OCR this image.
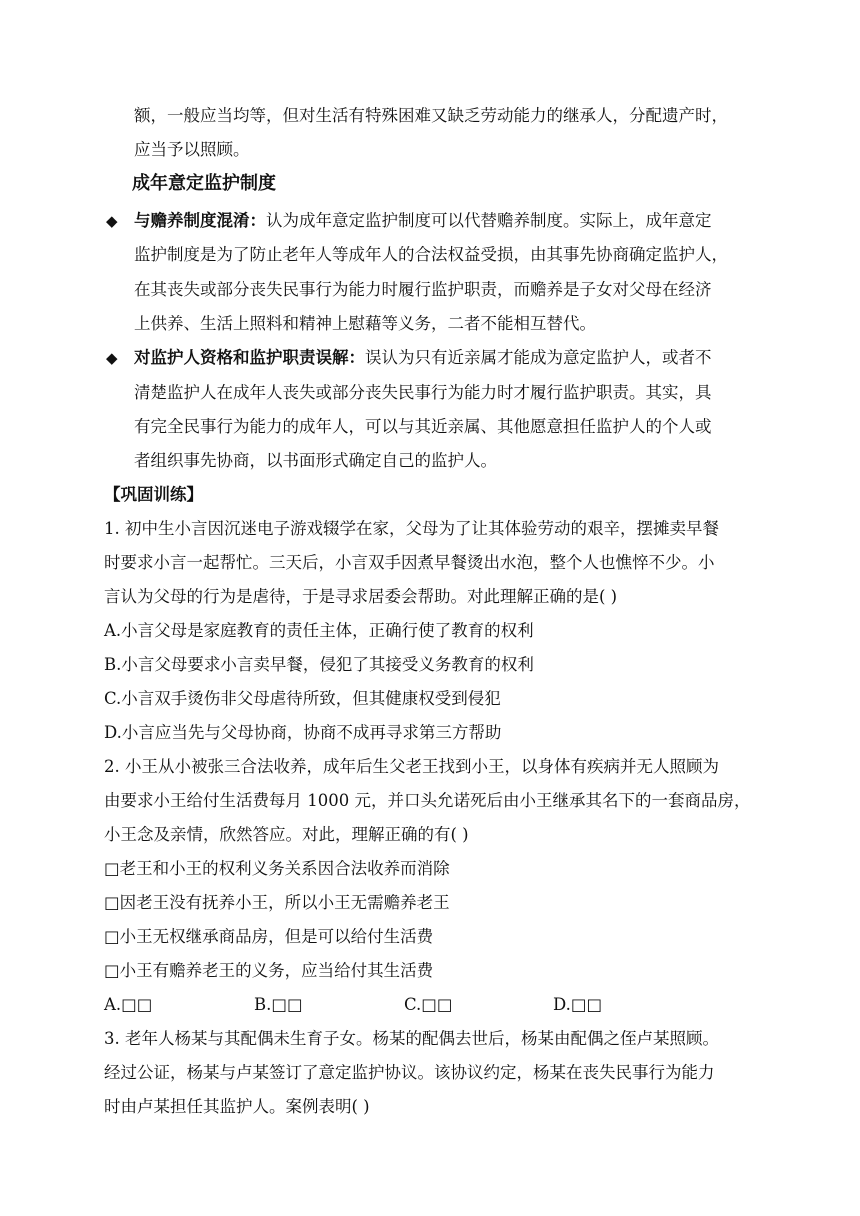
额，一般应当均等，但对生活有特殊困难又缺乏劳动能力的继承人，分配遗产时，
应当予以照顾。
成年意定监护制度
◆ 与赡养制度混淆：认为成年意定监护制度可以代替赡养制度。实际上，成年意定
监护制度是为了防止老年人等成年人的合法权益受损，由其事先协商确定监护人，
在其丧失或部分丧失民事行为能力时履行监护职责，而赡养是子女对父母在经济
上供养、生活上照料和精神上慰藉等义务，二者不能相互替代。
◆ 对监护人资格和监护职责误解：误认为只有近亲属才能成为意定监护人，或者不
清楚监护人在成年人丧失或部分丧失民事行为能力时才履行监护职责。其实，具
有完全民事行为能力的成年人，可以与其近亲属、其他愿意担任监护人的个人或
者组织事先协商，以书面形式确定自己的监护人。
【巩固训练】
1. 初中生小言因沉迷电子游戏辍学在家，父母为了让其体验劳动的艰辛，摆摊卖早餐
时要求小言一起帮忙。三天后，小言双手因煮早餐烫出水泡，整个人也憔悴不少。小
言认为父母的行为是虐待，于是寻求居委会帮助。对此理解正确的是( )
A.小言父母是家庭教育的责任主体，正确行使了教育的权利
B.小言父母要求小言卖早餐，侵犯了其接受义务教育的权利
C.小言双手烫伤非父母虐待所致，但其健康权受到侵犯
D.小言应当先与父母协商，协商不成再寻求第三方帮助
2. 小王从小被张三合法收养，成年后生父老王找到小王，以身体有疾病并无人照顾为
由要求小王给付生活费每月 1000 元，并口头允诺死后由小王继承其名下的一套商品房，
小王念及亲情，欣然答应。对此，理解正确的有( )
□老王和小王的权利义务关系因合法收养而消除
□因老王没有抚养小王，所以小王无需赡养老王
□小王无权继承商品房，但是可以给付生活费
□小王有赡养老王的义务，应当给付其生活费
A.□□	B.□□	C.□□	D.□□
3. 老年人杨某与其配偶未生育子女。杨某的配偶去世后，杨某由配偶之侄卢某照顾。
经过公证，杨某与卢某签订了意定监护协议。该协议约定，杨某在丧失民事行为能力
时由卢某担任其监护人。案例表明( )
